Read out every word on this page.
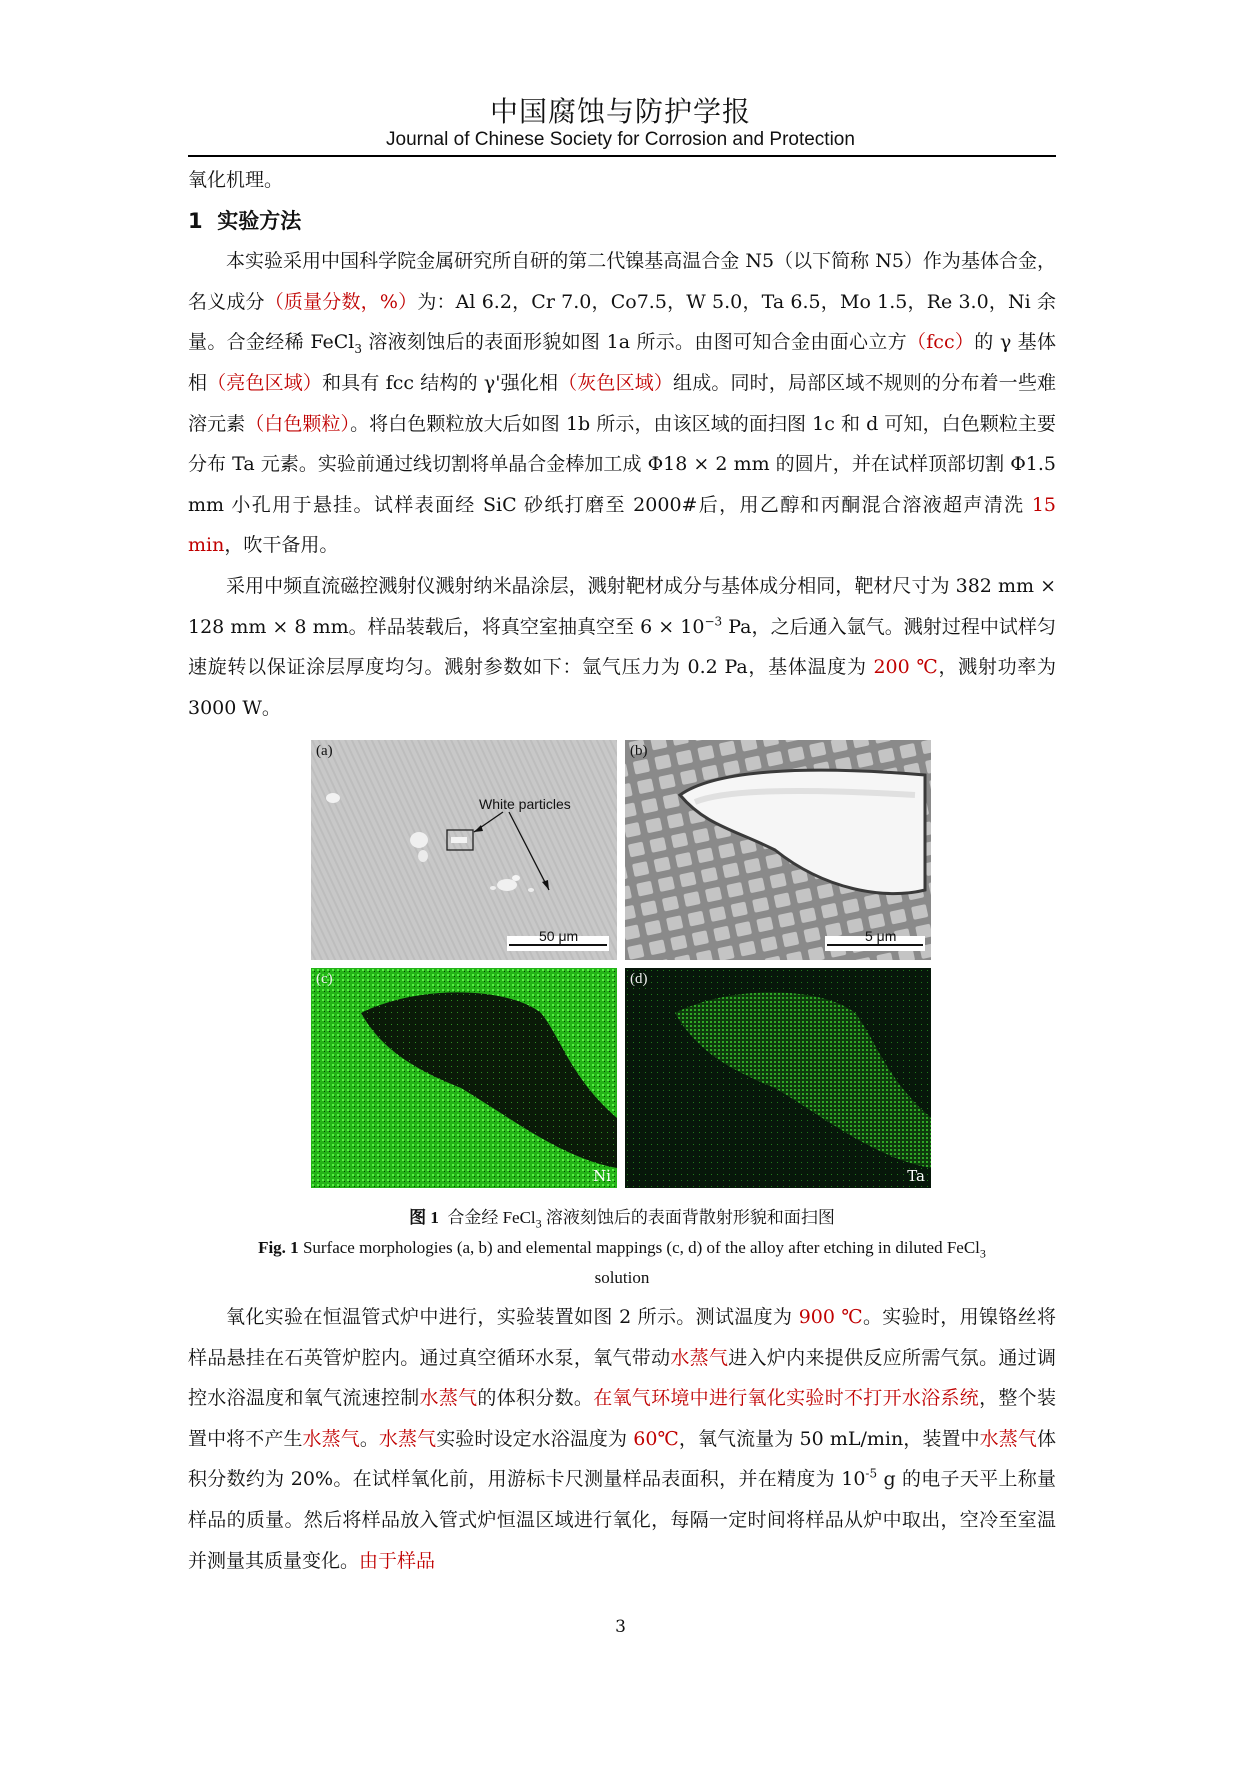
中国腐蚀与防护学报
Journal of Chinese Society for Corrosion and Protection

氧化机理。

1 实验方法

本实验采用中国科学院金属研究所自研的第二代镍基高温合金 N5（以下简称 N5）作为基体合金，名义成分（质量分数，%）为：Al 6.2，Cr 7.0，Co7.5，W 5.0，Ta 6.5，Mo 1.5，Re 3.0，Ni 余量。合金经稀 FeCl$_3$ 溶液刻蚀后的表面形貌如图 1a 所示。由图可知合金由面心立方（fcc）的 γ 基体相（亮色区域）和具有 fcc 结构的 γ'强化相（灰色区域）组成。同时，局部区域不规则的分布着一些难溶元素（白色颗粒）。将白色颗粒放大后如图 1b 所示，由该区域的面扫图 1c 和 d 可知，白色颗粒主要分布 Ta 元素。实验前通过线切割将单晶合金棒加工成 Φ18 × 2 mm 的圆片，并在试样顶部切割 Φ1.5 mm 小孔用于悬挂。试样表面经 SiC 砂纸打磨至 2000#后，用乙醇和丙酮混合溶液超声清洗 15 min，吹干备用。

采用中频直流磁控溅射仪溅射纳米晶涂层，溅射靶材成分与基体成分相同，靶材尺寸为 382 mm × 128 mm × 8 mm。样品装载后，将真空室抽真空至 $6 \times 10^{-3}$ Pa，之后通入氩气。溅射过程中试样匀速旋转以保证涂层厚度均匀。溅射参数如下：氩气压力为 0.2 Pa，基体温度为 200 ℃，溅射功率为 3000 W。

(a)
White particles
50 μm
(b)
5 μm
(c)
Ni
(d)
Ta
图 1 合金经 FeCl$_3$ 溶液刻蚀后的表面背散射形貌和面扫图
Fig. 1 Surface morphologies (a, b) and elemental mappings (c, d) of the alloy after etching in diluted FeCl$_3$
solution

氧化实验在恒温管式炉中进行，实验装置如图 2 所示。测试温度为 900 ℃。实验时，用镍铬丝将样品悬挂在石英管炉腔内。通过真空循环水泵，氧气带动水蒸气进入炉内来提供反应所需气氛。通过调控水浴温度和氧气流速控制水蒸气的体积分数。在氧气环境中进行氧化实验时不打开水浴系统，整个装置中将不产生水蒸气。水蒸气实验时设定水浴温度为 60℃，氧气流量为 50 mL/min，装置中水蒸气体积分数约为 20%。在试样氧化前，用游标卡尺测量样品表面积，并在精度为 $10^{-5}$ g 的电子天平上称量样品的质量。然后将样品放入管式炉恒温区域进行氧化，每隔一定时间将样品从炉中取出，空冷至室温并测量其质量变化。由于样品

3
